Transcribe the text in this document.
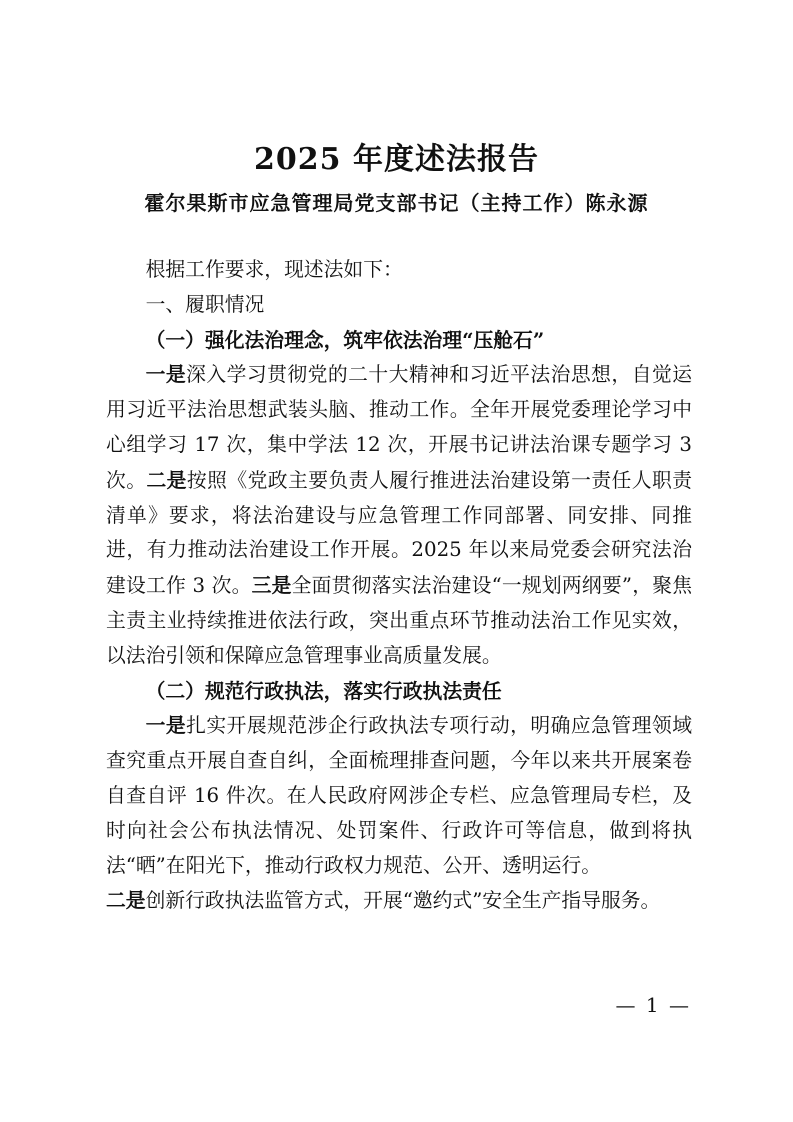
2025 年度述法报告
霍尔果斯市应急管理局党支部书记（主持工作）陈永源

根据工作要求，现述法如下：

一、履职情况

（一）强化法治理念，筑牢依法治理“压舱石”

一是深入学习贯彻党的二十大精神和习近平法治思想，自觉运用习近平法治思想武装头脑、推动工作。全年开展党委理论学习中心组学习 17 次，集中学法 12 次，开展书记讲法治课专题学习 3 次。二是按照《党政主要负责人履行推进法治建设第一责任人职责清单》要求，将法治建设与应急管理工作同部署、同安排、同推进，有力推动法治建设工作开展。2025 年以来局党委会研究法治建设工作 3 次。三是全面贯彻落实法治建设“一规划两纲要”，聚焦主责主业持续推进依法行政，突出重点环节推动法治工作见实效，以法治引领和保障应急管理事业高质量发展。

（二）规范行政执法，落实行政执法责任

一是扎实开展规范涉企行政执法专项行动，明确应急管理领域查究重点开展自查自纠，全面梳理排查问题，今年以来共开展案卷自查自评 16 件次。在人民政府网涉企专栏、应急管理局专栏，及时向社会公布执法情况、处罚案件、行政许可等信息，做到将执法“晒”在阳光下，推动行政权力规范、公开、透明运行。

二是创新行政执法监管方式，开展“邀约式”安全生产指导服务。

— 1 —
